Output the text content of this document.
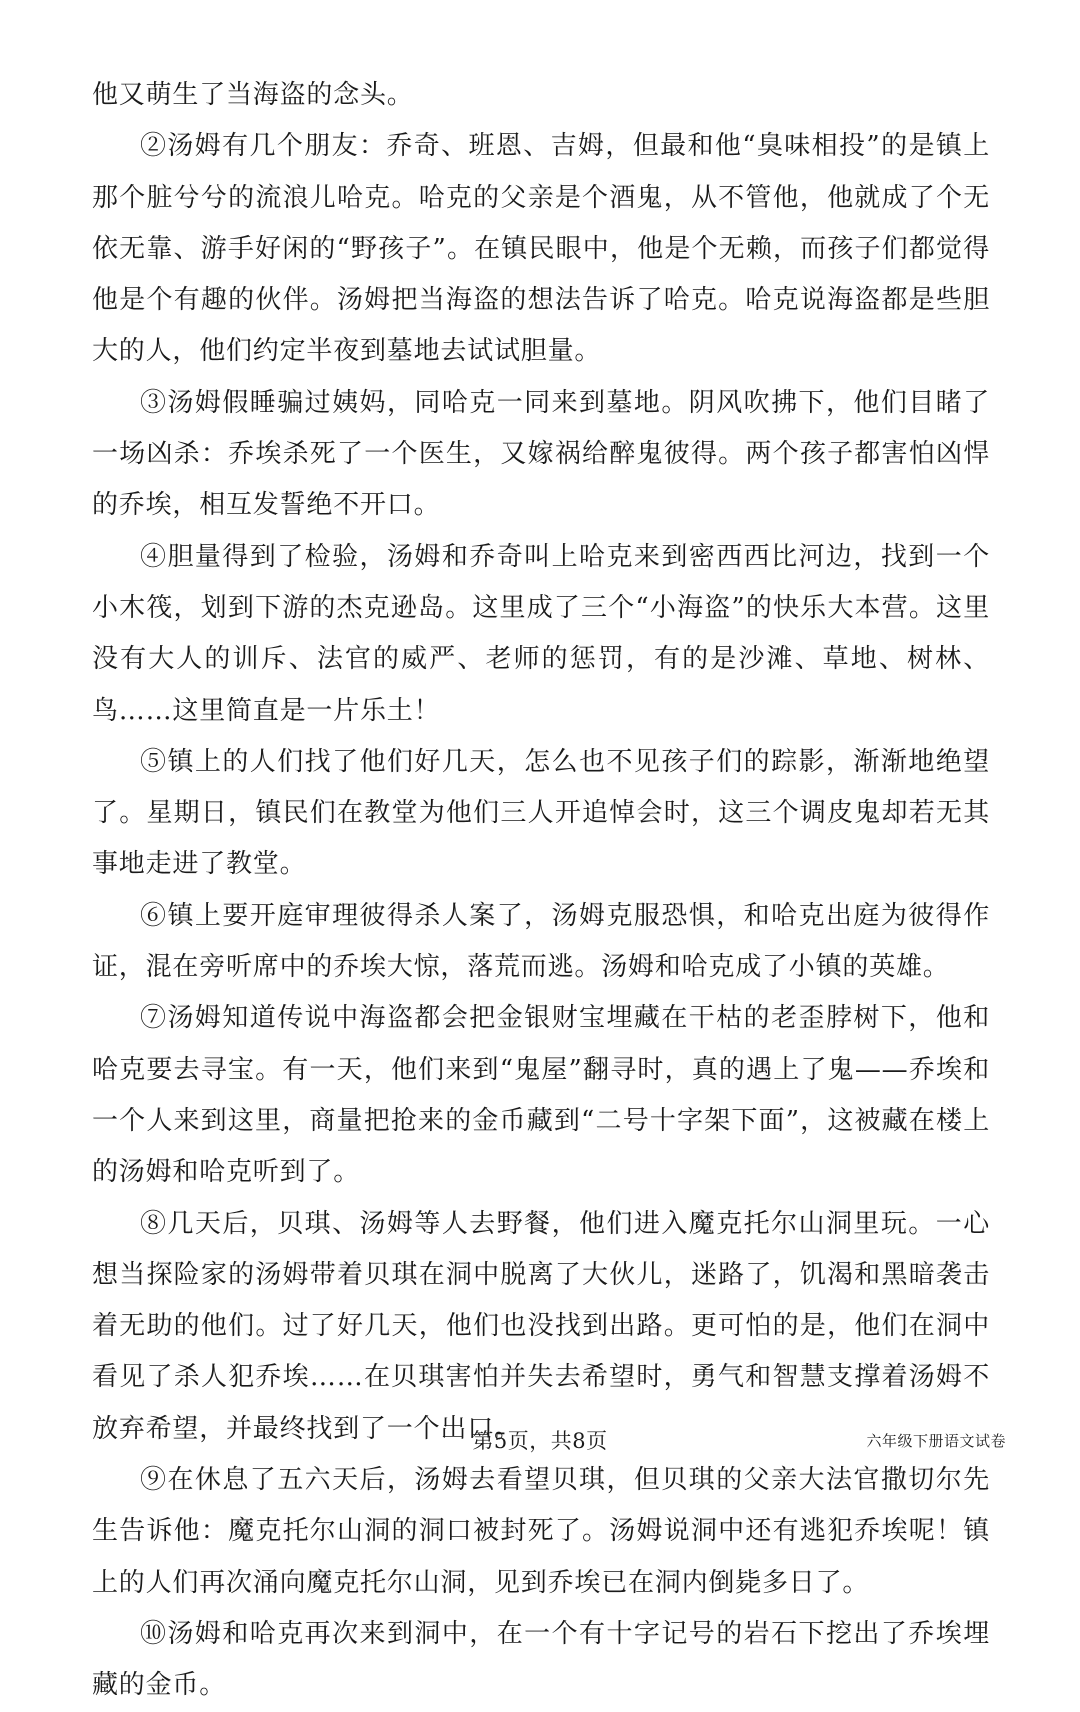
他又萌生了当海盗的念头。

②汤姆有几个朋友：乔奇、班恩、吉姆，但最和他“臭味相投”的是镇上那个脏兮兮的流浪儿哈克。哈克的父亲是个酒鬼，从不管他，他就成了个无依无靠、游手好闲的“野孩子”。在镇民眼中，他是个无赖，而孩子们都觉得他是个有趣的伙伴。汤姆把当海盗的想法告诉了哈克。哈克说海盗都是些胆大的人，他们约定半夜到墓地去试试胆量。

③汤姆假睡骗过姨妈，同哈克一同来到墓地。阴风吹拂下，他们目睹了一场凶杀：乔埃杀死了一个医生，又嫁祸给醉鬼彼得。两个孩子都害怕凶悍的乔埃，相互发誓绝不开口。

④胆量得到了检验，汤姆和乔奇叫上哈克来到密西西比河边，找到一个小木筏，划到下游的杰克逊岛。这里成了三个“小海盗”的快乐大本营。这里没有大人的训斥、法官的威严、老师的惩罚，有的是沙滩、草地、树林、鸟……这里简直是一片乐土！

⑤镇上的人们找了他们好几天，怎么也不见孩子们的踪影，渐渐地绝望了。星期日，镇民们在教堂为他们三人开追悼会时，这三个调皮鬼却若无其事地走进了教堂。

⑥镇上要开庭审理彼得杀人案了，汤姆克服恐惧，和哈克出庭为彼得作证，混在旁听席中的乔埃大惊，落荒而逃。汤姆和哈克成了小镇的英雄。

⑦汤姆知道传说中海盗都会把金银财宝埋藏在干枯的老歪脖树下，他和哈克要去寻宝。有一天，他们来到“鬼屋”翻寻时，真的遇上了鬼——乔埃和一个人来到这里，商量把抢来的金币藏到“二号十字架下面”，这被藏在楼上的汤姆和哈克听到了。

⑧几天后，贝琪、汤姆等人去野餐，他们进入魔克托尔山洞里玩。一心想当探险家的汤姆带着贝琪在洞中脱离了大伙儿，迷路了，饥渴和黑暗袭击着无助的他们。过了好几天，他们也没找到出路。更可怕的是，他们在洞中看见了杀人犯乔埃……在贝琪害怕并失去希望时，勇气和智慧支撑着汤姆不放弃希望，并最终找到了一个出口。

⑨在休息了五六天后，汤姆去看望贝琪，但贝琪的父亲大法官撒切尔先生告诉他：魔克托尔山洞的洞口被封死了。汤姆说洞中还有逃犯乔埃呢！镇上的人们再次涌向魔克托尔山洞，见到乔埃已在洞内倒毙多日了。

⑩汤姆和哈克再次来到洞中，在一个有十字记号的岩石下挖出了乔埃埋藏的金币。

第5页，共8页	六年级下册语文试卷
